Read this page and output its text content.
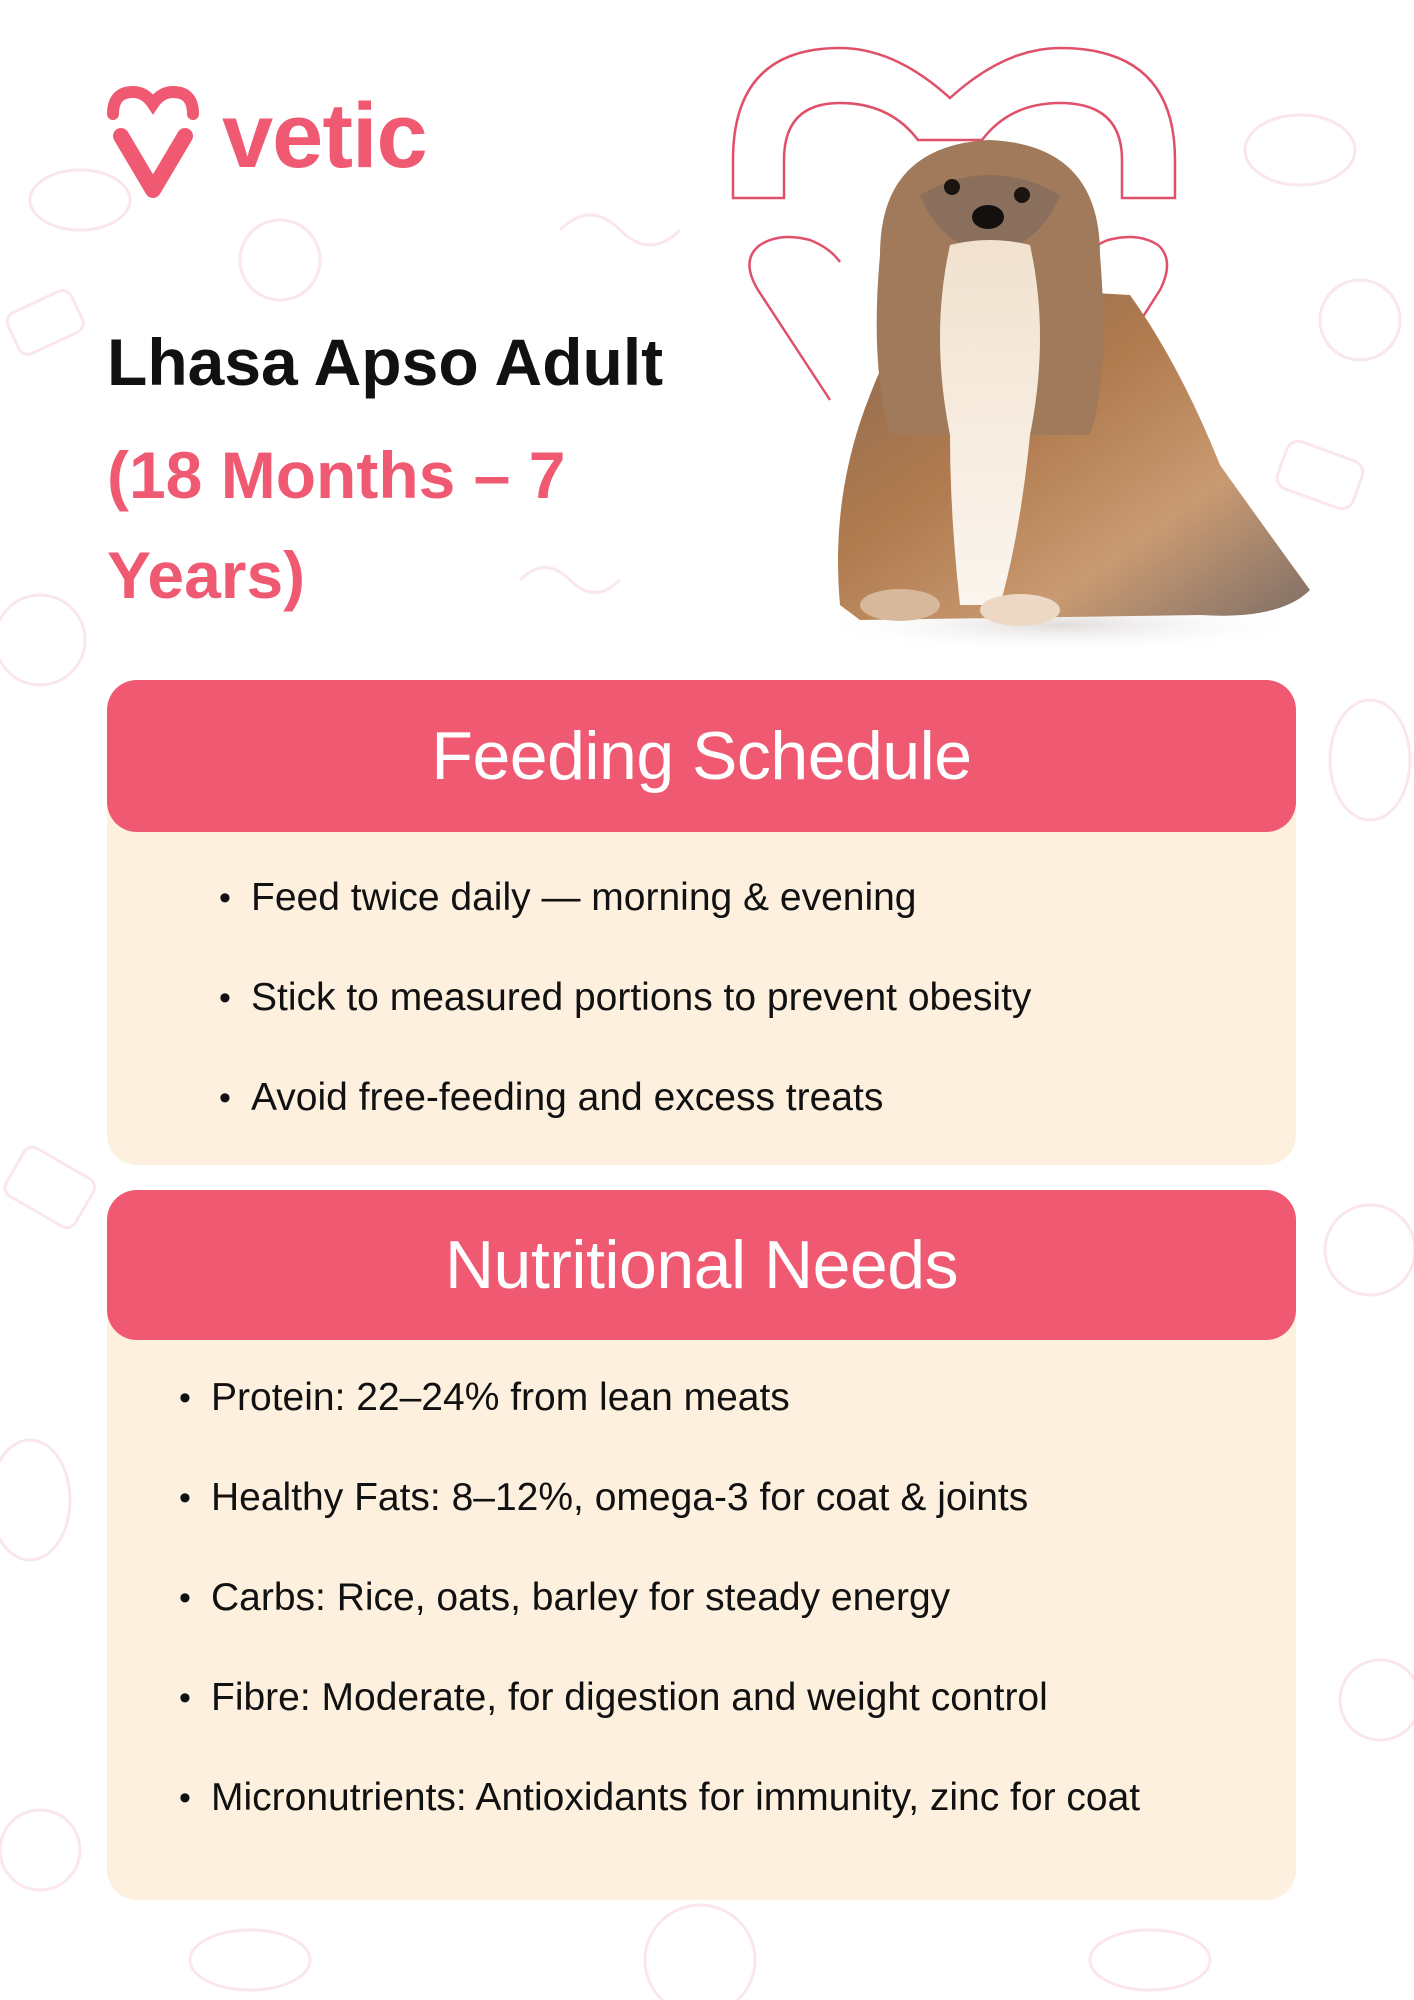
vetic
Lhasa Apso Adult

(18 Months – 7 Years)

Feeding Schedule
• Feed twice daily — morning & evening
• Stick to measured portions to prevent obesity
• Avoid free-feeding and excess treats
Nutritional Needs
• Protein: 22–24% from lean meats
• Healthy Fats: 8–12%, omega-3 for coat & joints
• Carbs: Rice, oats, barley for steady energy
• Fibre: Moderate, for digestion and weight control
• Micronutrients: Antioxidants for immunity, zinc for coat
